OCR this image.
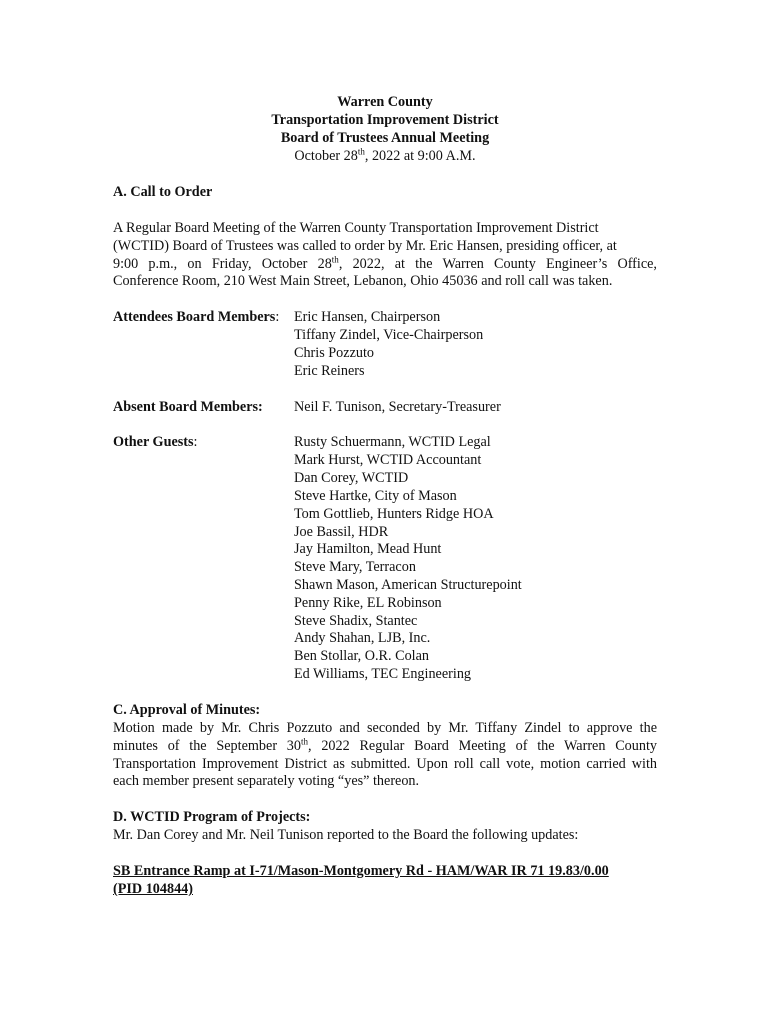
Warren County
Transportation Improvement District
Board of Trustees Annual Meeting
October 28th, 2022 at 9:00 A.M.
A. Call to Order
A Regular Board Meeting of the Warren County Transportation Improvement District
(WCTID) Board of Trustees was called to order by Mr. Eric Hansen, presiding officer, at
9:00 p.m., on Friday, October 28th, 2022, at the Warren County Engineer’s Office,
Conference Room, 210 West Main Street, Lebanon, Ohio 45036 and roll call was taken.
Attendees Board Members: Eric Hansen, Chairperson
Tiffany Zindel, Vice-Chairperson
Chris Pozzuto
Eric Reiners
Absent Board Members: Neil F. Tunison, Secretary-Treasurer
Other Guests:	Rusty Schuermann, WCTID Legal
Mark Hurst, WCTID Accountant
Dan Corey, WCTID
Steve Hartke, City of Mason
Tom Gottlieb, Hunters Ridge HOA
Joe Bassil, HDR
Jay Hamilton, Mead Hunt
Steve Mary, Terracon
Shawn Mason, American Structurepoint
Penny Rike, EL Robinson
Steve Shadix, Stantec
Andy Shahan, LJB, Inc.
Ben Stollar, O.R. Colan
Ed Williams, TEC Engineering
C. Approval of Minutes:
Motion made by Mr. Chris Pozzuto and seconded by Mr. Tiffany Zindel to approve the
minutes of the September 30th, 2022 Regular Board Meeting of the Warren County
Transportation Improvement District as submitted. Upon roll call vote, motion carried with
each member present separately voting “yes” thereon.
D. WCTID Program of Projects:
Mr. Dan Corey and Mr. Neil Tunison reported to the Board the following updates:
SB Entrance Ramp at I-71/Mason-Montgomery Rd - HAM/WAR IR 71 19.83/0.00
(PID 104844)
